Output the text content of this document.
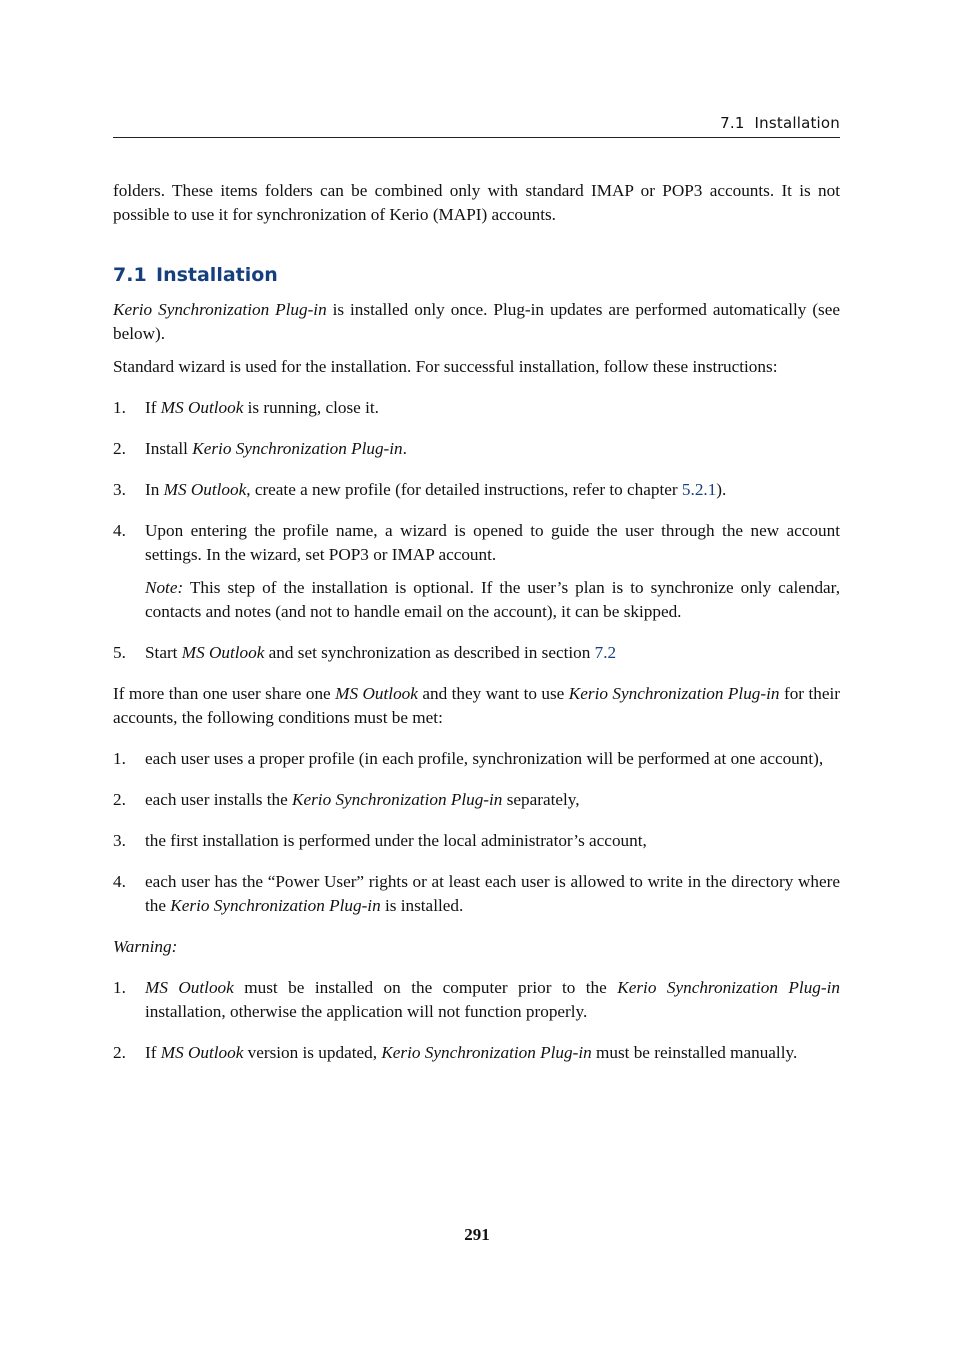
7.1 Installation

folders. These items folders can be combined only with standard IMAP or POP3 accounts. It is not possible to use it for synchronization of Kerio (MAPI) accounts.

7.1 Installation

Kerio Synchronization Plug-in is installed only once. Plug-in updates are performed automatically (see below).

Standard wizard is used for the installation. For successful installation, follow these instructions:

1. If MS Outlook is running, close it.
2. Install Kerio Synchronization Plug-in.
3. In MS Outlook, create a new profile (for detailed instructions, refer to chapter 5.2.1).
4. Upon entering the profile name, a wizard is opened to guide the user through the new account settings. In the wizard, set POP3 or IMAP account.
Note: This step of the installation is optional. If the user’s plan is to synchronize only calendar, contacts and notes (and not to handle email on the account), it can be skipped.
5. Start MS Outlook and set synchronization as described in section 7.2

If more than one user share one MS Outlook and they want to use Kerio Synchronization Plug-in for their accounts, the following conditions must be met:

1. each user uses a proper profile (in each profile, synchronization will be performed at one account),
2. each user installs the Kerio Synchronization Plug-in separately,
3. the first installation is performed under the local administrator’s account,
4. each user has the “Power User” rights or at least each user is allowed to write in the directory where the Kerio Synchronization Plug-in is installed.

Warning:

1. MS Outlook must be installed on the computer prior to the Kerio Synchronization Plug-in installation, otherwise the application will not function properly.
2. If MS Outlook version is updated, Kerio Synchronization Plug-in must be reinstalled manually.
291
